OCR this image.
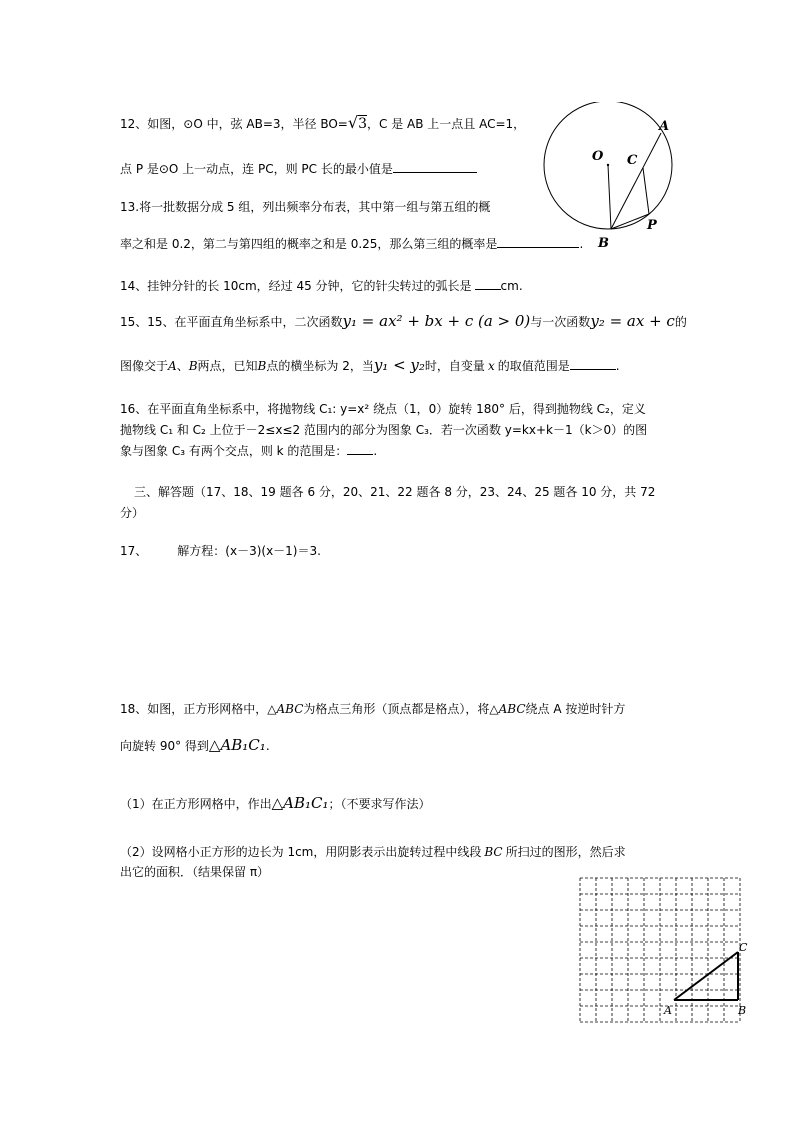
12、如图，⊙O 中，弦 AB=3，半径 BO=√3，C 是 AB 上一点且 AC=1，
点 P 是⊙O 上一动点，连 PC，则 PC 长的最小值是
13.将一批数据分成 5 组，列出频率分布表，其中第一组与第五组的概
率之和是 0.2，第二与第四组的概率之和是 0.25，那么第三组的概率是	.
O C
A
P
B
14、挂钟分针的长 10cm，经过 45 分钟，它的针尖转过的弧长是 cm.
15、15、在平面直角坐标系中，二次函数y₁ = ax² + bx + c (a > 0)与一次函数y₂ = ax + c的
图像交于A、B两点，已知B点的横坐标为 2，当y₁ < y₂时，自变量 x 的取值范围是	.
16、在平面直角坐标系中，将抛物线 C₁: y=x² 绕点（1，0）旋转 180° 后，得到抛物线 C₂，定义
抛物线 C₁ 和 C₂ 上位于－2≤x≤2 范围内的部分为图象 C₃．若一次函数 y=kx+k－1（k＞0）的图
象与图象 C₃ 有两个交点，则 k 的范围是： .
三、解答题（17、18、19 题各 6 分，20、21、22 题各 8 分，23、24、25 题各 10 分，共 72
分）
17、	解方程：(x－3)(x－1)＝3.
18、如图，正方形网格中，△ABC为格点三角形（顶点都是格点），将△ABC绕点 A 按逆时针方
向旋转 90° 得到△AB₁C₁.
（1）在正方形网格中，作出△AB₁C₁；（不要求写作法）
（2）设网格小正方形的边长为 1cm，用阴影表示出旋转过程中线段 BC 所扫过的图形，然后求
出它的面积．（结果保留 π）
A	B
C
